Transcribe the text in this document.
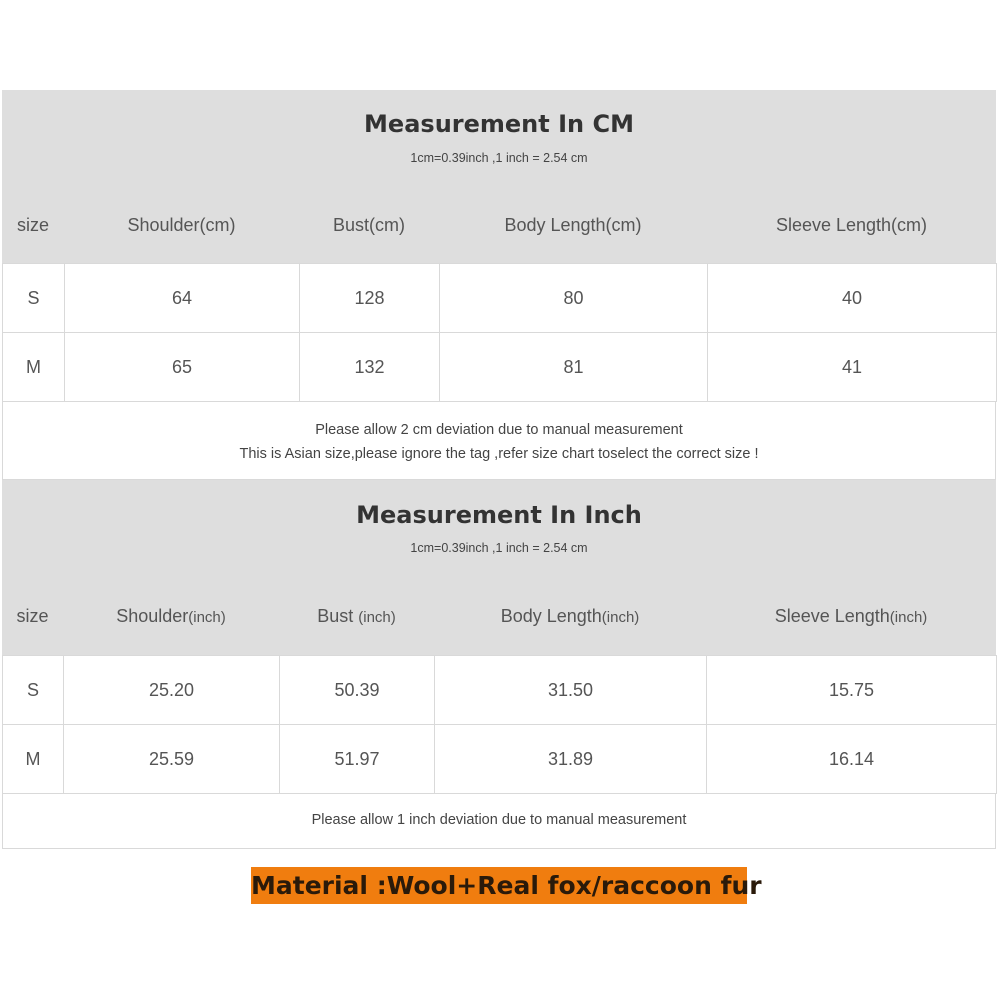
Measurement In CM
1cm=0.39inch ,1 inch = 2.54 cm
size	Shoulder(cm)	Bust(cm)	Body Length(cm)	Sleeve Length(cm)
S	64	128	80	40
M	65	132	81	41
Please allow 2 cm deviation due to manual measurement
This is Asian size,please ignore the tag ,refer size chart toselect the correct size !
Measurement In Inch
1cm=0.39inch ,1 inch = 2.54 cm
size	Shoulder(inch)	Bust (inch)	Body Length(inch)	Sleeve Length(inch)
S	25.20	50.39	31.50	15.75
M	25.59	51.97	31.89	16.14
Please allow 1 inch deviation due to manual measurement
Material :Wool+Real fox/raccoon fur
